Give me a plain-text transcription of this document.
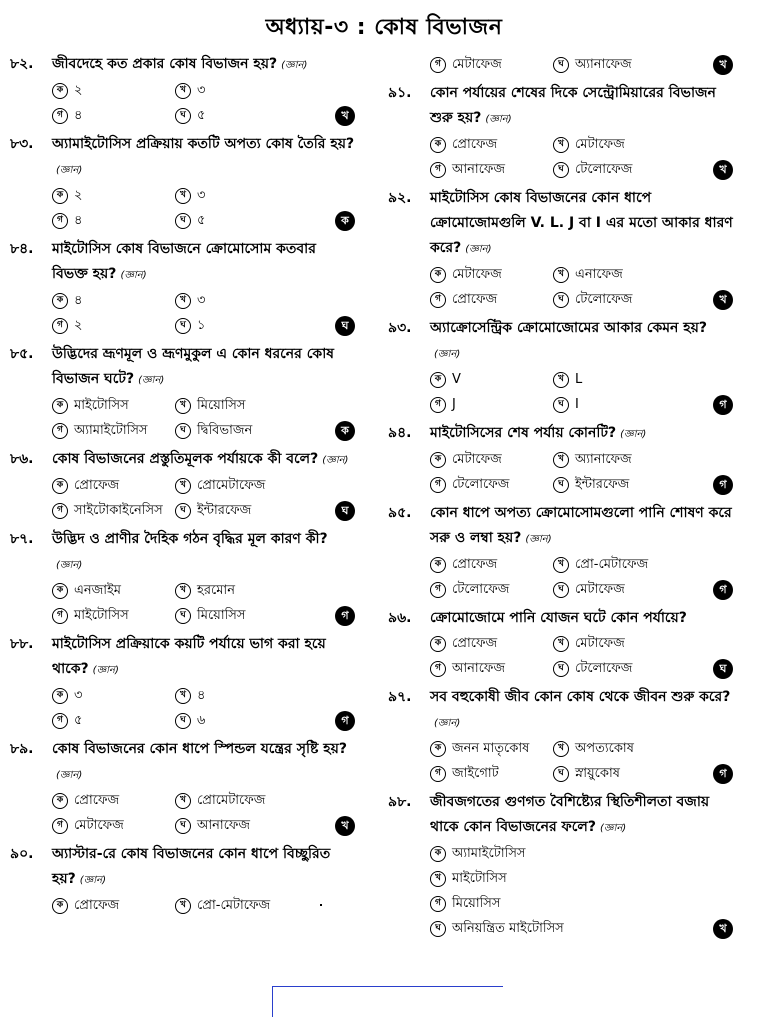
অধ্যায়-৩ : কোষ বিভাজন
৮২.	জীবদেহে কত প্রকার কোষ বিভাজন হয়? (জ্ঞান)
ক ২	খ ৩
গ ৪	ঘ ৫	খ
৮৩.	অ্যামাইটোসিস প্রক্রিয়ায় কতটি অপত্য কোষ তৈরি হয়?(জ্ঞান)
ক ২	খ ৩
গ ৪	ঘ ৫	ক
৮৪.	মাইটোসিস কোষ বিভাজনে ক্রোমোসোম কতবার বিভক্ত হয়? (জ্ঞান)
ক ৪	খ ৩
গ ২	ঘ ১	ঘ
৮৫.	উদ্ভিদের ভ্রূণমূল ও ভ্রূণমুকুল এ কোন ধরনের কোষ বিভাজন ঘটে? (জ্ঞান)
ক মাইটোসিস	খ মিয়োসিস
গ অ্যামাইটোসিস	ঘ দ্বিবিভাজন	ক
৮৬.	কোষ বিভাজনের প্রস্তুতিমূলক পর্যায়কে কী বলে? (জ্ঞান)
ক প্রোফেজ	খ প্রোমেটাফেজ
গ সাইটোকাইনেসিস	ঘ ইন্টারফেজ	ঘ
৮৭.	উদ্ভিদ ও প্রাণীর দৈহিক গঠন বৃদ্ধির মূল কারণ কী?(জ্ঞান)
ক এনজাইম	খ হরমোন
গ মাইটোসিস	ঘ মিয়োসিস	গ
৮৮.	মাইটোসিস প্রক্রিয়াকে কয়টি পর্যায়ে ভাগ করা হয়ে থাকে? (জ্ঞান)
ক ৩	খ ৪
গ ৫	ঘ ৬	গ
৮৯.	কোষ বিভাজনের কোন ধাপে স্পিন্ডল যন্ত্রের সৃষ্টি হয়?(জ্ঞান)
ক প্রোফেজ	খ প্রোমেটাফেজ
গ মেটাফেজ	ঘ আনাফেজ	খ
৯০.	অ্যাস্টার-রে কোষ বিভাজনের কোন ধাপে বিচ্ছুরিত হয়? (জ্ঞান)
ক প্রোফেজ	খ প্রো-মেটাফেজ
গ মেটাফেজ	ঘ অ্যানাফেজ	খ
৯১.	কোন পর্যায়ের শেষের দিকে সেন্ট্রোমিয়ারের বিভাজন শুরু হয়? (জ্ঞান)
ক প্রোফেজ	খ মেটাফেজ
গ আনাফেজ	ঘ টেলোফেজ	খ
৯২.	মাইটোসিস কোষ বিভাজনের কোন ধাপে ক্রোমোজোমগুলি V. L. J বা I এর মতো আকার ধারণ করে? (জ্ঞান)
ক মেটাফেজ	খ এনাফেজ
গ প্রোফেজ	ঘ টেলোফেজ	খ
৯৩.	অ্যাক্রোসেন্ট্রিক ক্রোমোজোমের আকার কেমন হয়?(জ্ঞান)
ক V	খ L
গ J	ঘ I	গ
৯৪.	মাইটোসিসের শেষ পর্যায় কোনটি? (জ্ঞান)
ক মেটাফেজ	খ অ্যানাফেজ
গ টেলোফেজ	ঘ ইন্টারফেজ	গ
৯৫.	কোন ধাপে অপত্য ক্রোমোসোমগুলো পানি শোষণ করে সরু ও লম্বা হয়? (জ্ঞান)
ক প্রোফেজ	খ প্রো-মেটাফেজ
গ টেলোফেজ	ঘ মেটাফেজ	গ
৯৬.	ক্রোমোজোমে পানি যোজন ঘটে কোন পর্যায়ে?
ক প্রোফেজ	খ মেটাফেজ
গ আনাফেজ	ঘ টেলোফেজ	ঘ
৯৭.	সব বহুকোষী জীব কোন কোষ থেকে জীবন শুরু করে?(জ্ঞান)
ক জনন মাতৃকোষ	খ অপত্যকোষ
গ জাইগোট	ঘ স্নায়ুকোষ	গ
৯৮.	জীবজগতের গুণগত বৈশিষ্ট্যের স্থিতিশীলতা বজায় থাকে কোন বিভাজনের ফলে? (জ্ঞান)
ক অ্যামাইটোসিস
খ মাইটোসিস
গ মিয়োসিস
ঘ অনিয়ন্ত্রিত মাইটোসিস	খ
